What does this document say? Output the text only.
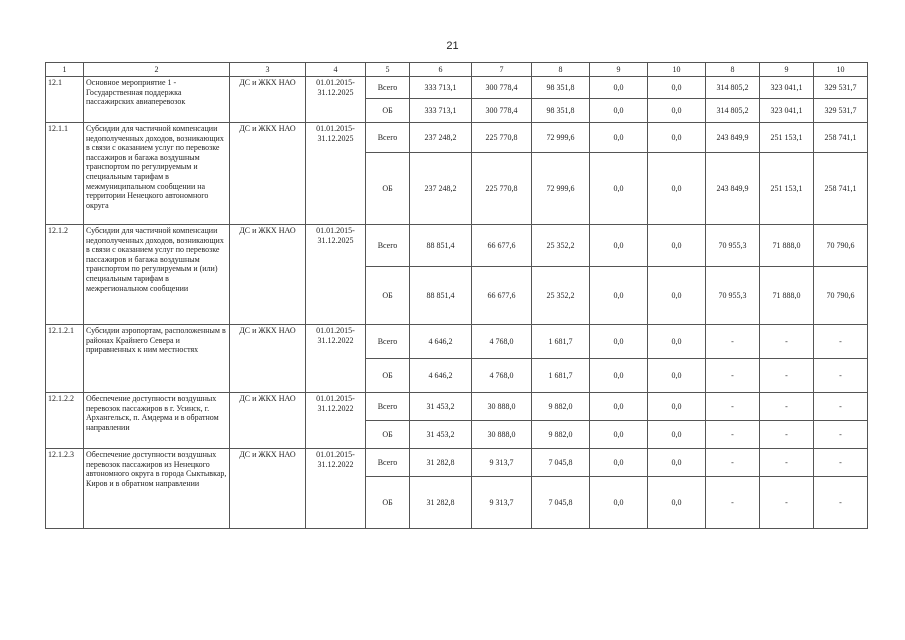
21
1	2	3	4	5	6	7	8	9	10	8	9	10
12.1	Основное мероприятие 1 - Государственная поддержка пассажирских авиаперевозок	ДС и ЖКХ НАО	01.01.2015-31.12.2025	Всего	333 713,1	300 778,4	98 351,8	0,0	0,0	314 805,2	323 041,1	329 531,7
				ОБ	333 713,1	300 778,4	98 351,8	0,0	0,0	314 805,2	323 041,1	329 531,7
12.1.1	Субсидии для частичной компенсации недополученных доходов, возникающих в связи с оказанием услуг по перевозке пассажиров и багажа воздушным транспортом по регулируемым и специальным тарифам в межмуниципальном сообщении на территории Ненецкого автономного округа	ДС и ЖКХ НАО	01.01.2015-31.12.2025	Всего	237 248,2	225 770,8	72 999,6	0,0	0,0	243 849,9	251 153,1	258 741,1
				ОБ	237 248,2	225 770,8	72 999,6	0,0	0,0	243 849,9	251 153,1	258 741,1
12.1.2	Субсидии для частичной компенсации недополученных доходов, возникающих в связи с оказанием услуг по перевозке пассажиров и багажа воздушным транспортом по регулируемым и (или) специальным тарифам в межрегиональном сообщении	ДС и ЖКХ НАО	01.01.2015-31.12.2025	Всего	88 851,4	66 677,6	25 352,2	0,0	0,0	70 955,3	71 888,0	70 790,6
				ОБ	88 851,4	66 677,6	25 352,2	0,0	0,0	70 955,3	71 888,0	70 790,6
12.1.2.1	Субсидии аэропортам, расположенным в районах Крайнего Севера и приравненных к ним местностях	ДС и ЖКХ НАО	01.01.2015-31.12.2022	Всего	4 646,2	4 768,0	1 681,7	0,0	0,0	-	-	-
				ОБ	4 646,2	4 768,0	1 681,7	0,0	0,0	-	-	-
12.1.2.2	Обеспечение доступности воздушных перевозок пассажиров в г. Усинск, г. Архангельск, п. Амдерма и в обратном направлении	ДС и ЖКХ НАО	01.01.2015-31.12.2022	Всего	31 453,2	30 888,0	9 882,0	0,0	0,0	-	-	-
				ОБ	31 453,2	30 888,0	9 882,0	0,0	0,0	-	-	-
12.1.2.3	Обеспечение доступности воздушных перевозок пассажиров из Ненецкого автономного округа в города Сыктывкар, Киров и в обратном направлении	ДС и ЖКХ НАО	01.01.2015-31.12.2022	Всего	31 282,8	9 313,7	7 045,8	0,0	0,0	-	-	-
				ОБ	31 282,8	9 313,7	7 045,8	0,0	0,0	-	-	-
